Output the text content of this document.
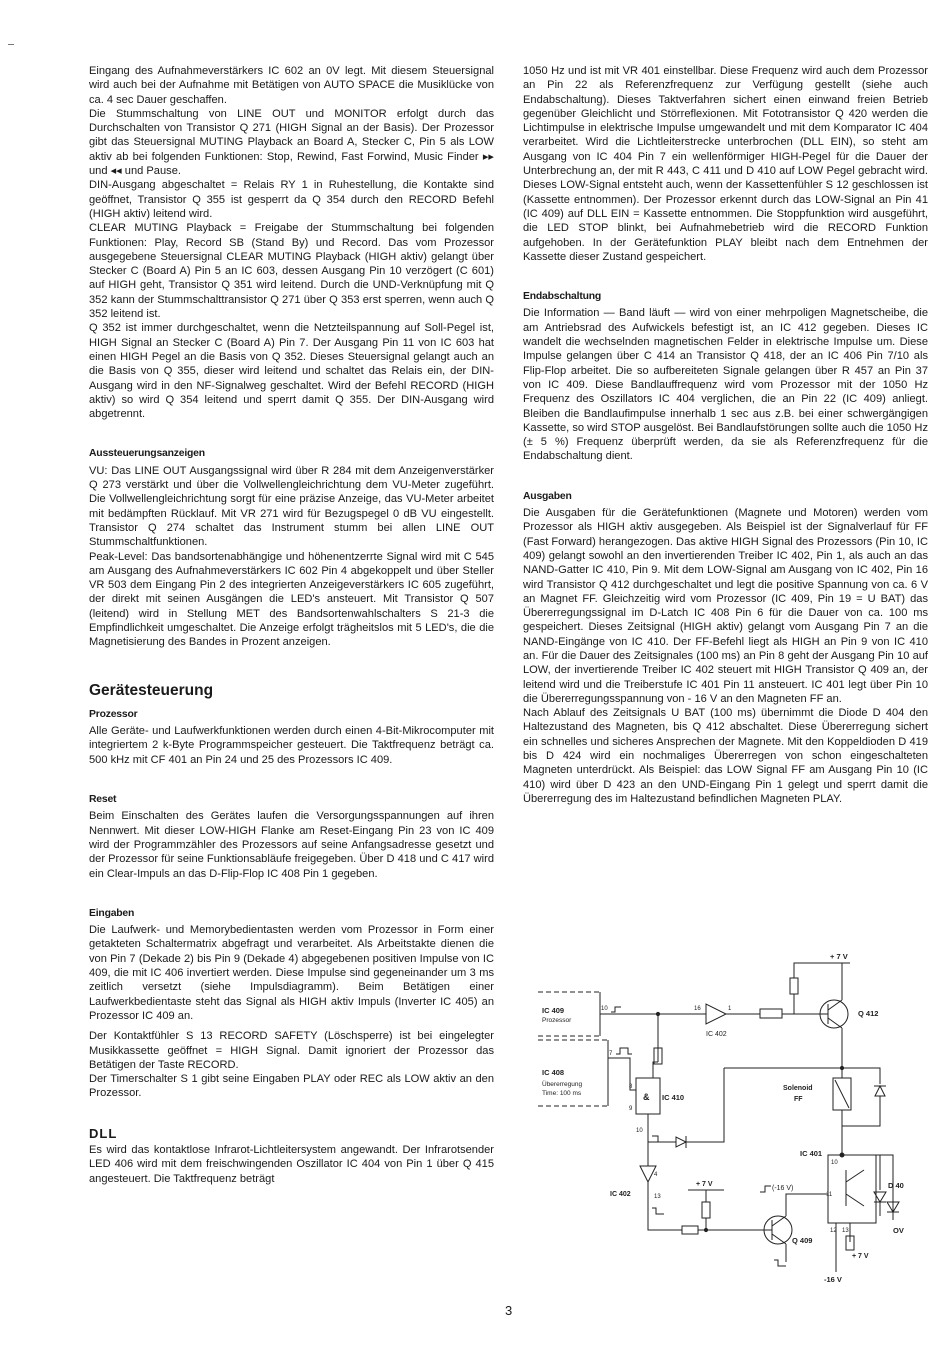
Eingang des Aufnahmeverstärkers IC 602 an 0V legt. Mit diesem Steuersignal wird auch bei der Aufnahme mit Betätigen von AUTO SPACE die Musiklücke von ca. 4 sec Dauer geschaffen.

Die Stummschaltung von LINE OUT und MONITOR erfolgt durch das Durchschalten von Transistor Q 271 (HIGH Signal an der Basis). Der Prozessor gibt das Steuersignal MUTING Playback an Board A, Stecker C, Pin 5 als LOW aktiv ab bei folgenden Funktionen: Stop, Rewind, Fast Forwind, Music Finder ▸▸ und ◂◂ und Pause.

DIN-Ausgang abgeschaltet = Relais RY 1 in Ruhestellung, die Kontakte sind geöffnet, Transistor Q 355 ist gesperrt da Q 354 durch den RECORD Befehl (HIGH aktiv) leitend wird.

CLEAR MUTING Playback = Freigabe der Stummschaltung bei folgenden Funktionen: Play, Record SB (Stand By) und Record. Das vom Prozessor ausgegebene Steuersignal CLEAR MUTING Playback (HIGH aktiv) gelangt über Stecker C (Board A) Pin 5 an IC 603, dessen Ausgang Pin 10 verzögert (C 601) auf HIGH geht, Transistor Q 351 wird leitend. Durch die UND-Verknüpfung mit Q 352 kann der Stummschalttransistor Q 271 über Q 353 erst sperren, wenn auch Q 352 leitend ist.

Q 352 ist immer durchgeschaltet, wenn die Netzteilspannung auf Soll-Pegel ist, HIGH Signal an Stecker C (Board A) Pin 7. Der Ausgang Pin 11 von IC 603 hat einen HIGH Pegel an die Basis von Q 352. Dieses Steuersignal gelangt auch an die Basis von Q 355, dieser wird leitend und schaltet das Relais ein, der DIN-Ausgang wird in den NF-Signalweg geschaltet. Wird der Befehl RECORD (HIGH aktiv) so wird Q 354 leitend und sperrt damit Q 355. Der DIN-Ausgang wird abgetrennt.

Aussteuerungsanzeigen

VU: Das LINE OUT Ausgangssignal wird über R 284 mit dem Anzeigenverstärker Q 273 verstärkt und über die Vollwellengleichrichtung dem VU-Meter zugeführt. Die Vollwellengleichrichtung sorgt für eine präzise Anzeige, das VU-Meter arbeitet mit bedämpften Rücklauf. Mit VR 271 wird für Bezugspegel 0 dB VU eingestellt. Transistor Q 274 schaltet das Instrument stumm bei allen LINE OUT Stummschaltfunktionen.

Peak-Level: Das bandsortenabhängige und höhenentzerrte Signal wird mit C 545 am Ausgang des Aufnahmeverstärkers IC 602 Pin 4 abgekoppelt und über Steller VR 503 dem Eingang Pin 2 des integrierten Anzeigeverstärkers IC 605 zugeführt, der direkt mit seinen Ausgängen die LED's ansteuert. Mit Transistor Q 507 (leitend) wird in Stellung MET des Bandsortenwahlschalters S 21-3 die Empfindlichkeit umgeschaltet. Die Anzeige erfolgt trägheitslos mit 5 LED's, die die Magnetisierung des Bandes in Prozent anzeigen.

Gerätesteuerung
Prozessor

Alle Geräte- und Laufwerkfunktionen werden durch einen 4-Bit-Mikrocomputer mit integriertem 2 k-Byte Programmspeicher gesteuert. Die Taktfrequenz beträgt ca. 500 kHz mit CF 401 an Pin 24 und 25 des Prozessors IC 409.

Reset

Beim Einschalten des Gerätes laufen die Versorgungsspannungen auf ihren Nennwert. Mit dieser LOW-HIGH Flanke am Reset-Eingang Pin 23 von IC 409 wird der Programmzähler des Prozessors auf seine Anfangsadresse gesetzt und der Prozessor für seine Funktionsabläufe freigegeben. Über D 418 und C 417 wird ein Clear-Impuls an das D-Flip-Flop IC 408 Pin 1 gegeben.

Eingaben

Die Laufwerk- und Memorybedientasten werden vom Prozessor in Form einer getakteten Schaltermatrix abgefragt und verarbeitet. Als Arbeitstakte dienen die von Pin 7 (Dekade 2) bis Pin 9 (Dekade 4) abgegebenen positiven Impulse von IC 409, die mit IC 406 invertiert werden. Diese Impulse sind gegeneinander um 3 ms zeitlich versetzt (siehe Impulsdiagramm). Beim Betätigen einer Laufwerkbedientaste steht das Signal als HIGH aktiv Impuls (Inverter IC 405) an Prozessor IC 409 an.

Der Kontaktfühler S 13 RECORD SAFETY (Löschsperre) ist bei eingelegter Musikkassette geöffnet = HIGH Signal. Damit ignoriert der Prozessor das Betätigen der Taste RECORD.

Der Timerschalter S 1 gibt seine Eingaben PLAY oder REC als LOW aktiv an den Prozessor.

DLL

Es wird das kontaktlose Infrarot-Lichtleitersystem angewandt. Der Infrarotsender LED 406 wird mit dem freischwingenden Oszillator IC 404 von Pin 1 über Q 415 angesteuert. Die Taktfrequenz beträgt

1050 Hz und ist mit VR 401 einstellbar. Diese Frequenz wird auch dem Prozessor an Pin 22 als Referenzfrequenz zur Verfügung gestellt (siehe auch Endabschaltung). Dieses Taktverfahren sichert einen einwand freien Betrieb gegenüber Gleichlicht und Störreflexionen. Mit Fototransistor Q 420 werden die Lichtimpulse in elektrische Impulse umgewandelt und mit dem Komparator IC 404 verarbeitet. Wird die Lichtleiterstrecke unterbrochen (DLL EIN), so steht am Ausgang von IC 404 Pin 7 ein wellenförmiger HIGH-Pegel für die Dauer der Unterbrechung an, der mit R 443, C 411 und D 410 auf LOW Pegel gebracht wird. Dieses LOW-Signal entsteht auch, wenn der Kassettenfühler S 12 geschlossen ist (Kassette entnommen). Der Prozessor erkennt durch das LOW-Signal an Pin 41 (IC 409) auf DLL EIN = Kassette entnommen. Die Stoppfunktion wird ausgeführt, die LED STOP blinkt, bei Aufnahmebetrieb wird die RECORD Funktion aufgehoben. In der Gerätefunktion PLAY bleibt nach dem Entnehmen der Kassette dieser Zustand gespeichert.

Endabschaltung

Die Information — Band läuft — wird von einer mehrpoligen Magnetscheibe, die am Antriebsrad des Aufwickels befestigt ist, an IC 412 gegeben. Dieses IC wandelt die wechselnden magnetischen Felder in elektrische Impulse um. Diese Impulse gelangen über C 414 an Transistor Q 418, der an IC 406 Pin 7/10 als Flip-Flop arbeitet. Die so aufbereiteten Signale gelangen über R 457 an Pin 37 von IC 409. Diese Bandlauffrequenz wird vom Prozessor mit der 1050 Hz Frequenz des Oszillators IC 404 verglichen, die an Pin 22 (IC 409) anliegt. Bleiben die Bandlaufimpulse innerhalb 1 sec aus z.B. bei einer schwergängigen Kassette, so wird STOP ausgelöst. Bei Bandlaufstörungen sollte auch die 1050 Hz (± 5 %) Frequenz überprüft werden, da sie als Referenzfrequenz für die Endabschaltung dient.

Ausgaben

Die Ausgaben für die Gerätefunktionen (Magnete und Motoren) werden vom Prozessor als HIGH aktiv ausgegeben. Als Beispiel ist der Signalverlauf für FF (Fast Forward) herangezogen. Das aktive HIGH Signal des Prozessors (Pin 10, IC 409) gelangt sowohl an den invertierenden Treiber IC 402, Pin 1, als auch an das NAND-Gatter IC 410, Pin 9. Mit dem LOW-Signal am Ausgang von IC 402, Pin 16 wird Transistor Q 412 durchgeschaltet und legt die positive Spannung von ca. 6 V an Magnet FF. Gleichzeitig wird vom Prozessor (IC 409, Pin 19 = U BAT) das Übererregungssignal im D-Latch IC 408 Pin 6 für die Dauer von ca. 100 ms gespeichert. Dieses Zeitsignal (HIGH aktiv) gelangt vom Ausgang Pin 7 an die NAND-Eingänge von IC 410. Der FF-Befehl liegt als HIGH an Pin 9 von IC 410 an. Für die Dauer des Zeitsignales (100 ms) an Pin 8 geht der Ausgang Pin 10 auf LOW, der invertierende Treiber IC 402 steuert mit HIGH Transistor Q 409 an, der leitend wird und die Treiberstufe IC 401 Pin 11 ansteuert. IC 401 legt über Pin 10 die Übererregungsspannung von - 16 V an den Magneten FF an.

Nach Ablauf des Zeitsignals U BAT (100 ms) übernimmt die Diode D 404 den Haltezustand des Magneten, bis Q 412 abschaltet. Diese Übererregung sichert ein schnelles und sicheres Ansprechen der Magnete. Mit den Koppeldioden D 419 bis D 424 wird ein nochmaliges Übererregen von schon eingeschalteten Magneten unterdrückt. Als Beispiel: das LOW Signal FF am Ausgang Pin 10 (IC 410) wird über D 423 an den UND-Eingang Pin 1 gelegt und sperrt damit die Übererregung des im Haltezustand befindlichen Magneten PLAY.

IC 409
Prozessor
10	1
IC 402
16
+ 7 V
Q 412
7
IC 408
Übererregung
Time: 100 ms	& IC 410
8
9
10
Solenoid
FF
IC 401
10
11
12 13
D 40
OV
+ 7 V
-16 V
(-16 V)
4
IC 402	13
+ 7 V
Q 409
3
